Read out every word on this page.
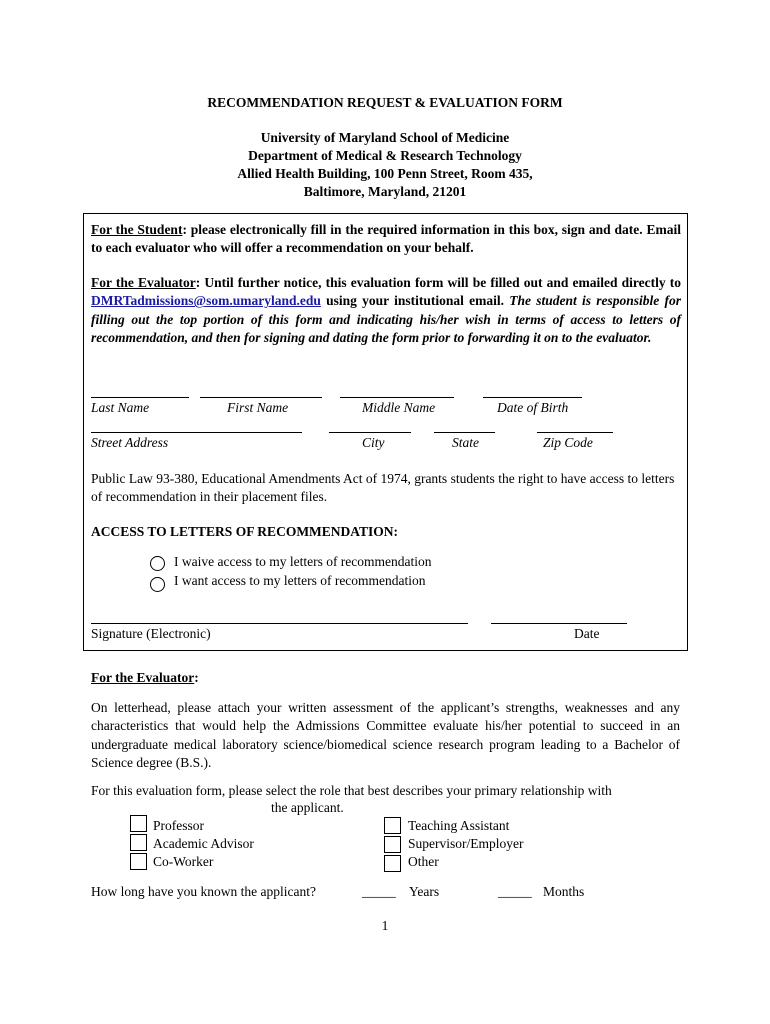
RECOMMENDATION REQUEST & EVALUATION FORM
University of Maryland School of Medicine
Department of Medical & Research Technology
Allied Health Building, 100 Penn Street, Room 435,
Baltimore, Maryland, 21201
For the Student: please electronically fill in the required information in this box, sign and date. Email to each evaluator who will offer a recommendation on your behalf.
For the Evaluator: Until further notice, this evaluation form will be filled out and emailed directly to DMRTadmissions@som.umaryland.edu using your institutional email. The student is responsible for filling out the top portion of this form and indicating his/her wish in terms of access to letters of recommendation, and then for signing and dating the form prior to forwarding it on to the evaluator.
Last Name	First Name	Middle Name	Date of Birth
Street Address	City	State	Zip Code
Public Law 93-380, Educational Amendments Act of 1974, grants students the right to have access to letters of recommendation in their placement files.
ACCESS TO LETTERS OF RECOMMENDATION:
I waive access to my letters of recommendation
I want access to my letters of recommendation
Signature (Electronic)	Date
For the Evaluator:
On letterhead, please attach your written assessment of the applicant’s strengths, weaknesses and any characteristics that would help the Admissions Committee evaluate his/her potential to succeed in an undergraduate medical laboratory science/biomedical science research program leading to a Bachelor of Science degree (B.S.).
For this evaluation form, please select the role that best describes your primary relationship with
the applicant.
Professor
Academic Advisor
Co-Worker
Teaching Assistant
Supervisor/Employer
Other
How long have you known the applicant?	_____ Years	_____ Months
1
